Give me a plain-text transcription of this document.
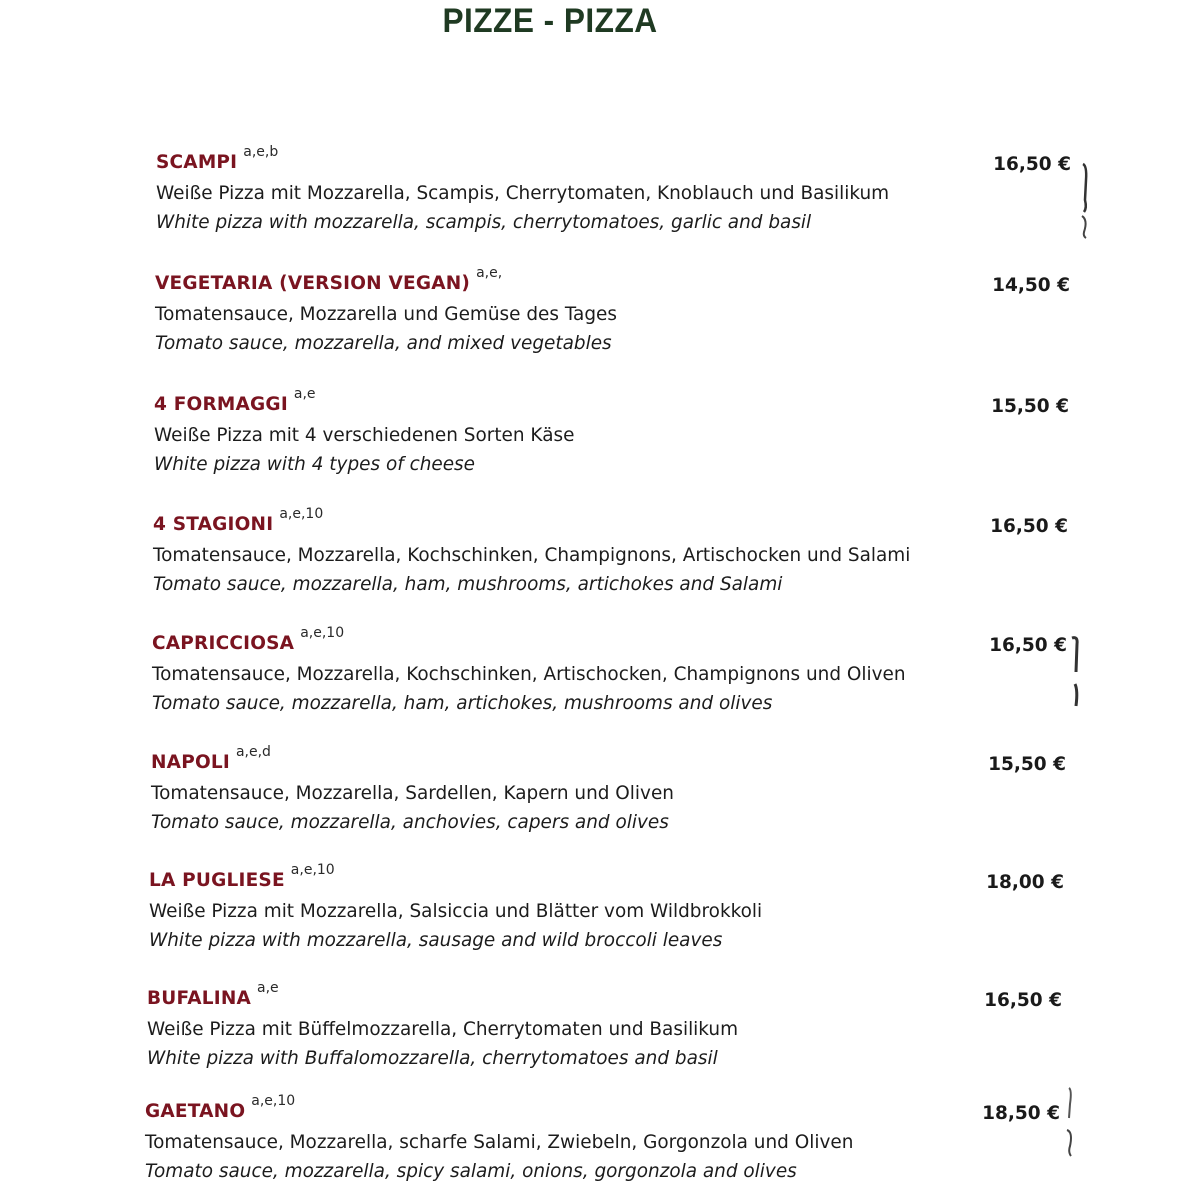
PIZZE - PIZZA
SCAMPI a,e,b
16,50 €
Weiße Pizza mit Mozzarella, Scampis, Cherrytomaten, Knoblauch und Basilikum
White pizza with mozzarella, scampis, cherrytomatoes, garlic and basil
VEGETARIA (VERSION VEGAN) a,e,
14,50 €
Tomatensauce, Mozzarella und Gemüse des Tages
Tomato sauce, mozzarella, and mixed vegetables
4 FORMAGGI a,e
15,50 €
Weiße Pizza mit 4 verschiedenen Sorten Käse
White pizza with 4 types of cheese
4 STAGIONI a,e,10
16,50 €
Tomatensauce, Mozzarella, Kochschinken, Champignons, Artischocken und Salami
Tomato sauce, mozzarella, ham, mushrooms, artichokes and Salami
CAPRICCIOSA a,e,10
16,50 €
Tomatensauce, Mozzarella, Kochschinken, Artischocken, Champignons und Oliven
Tomato sauce, mozzarella, ham, artichokes, mushrooms and olives
NAPOLI a,e,d
15,50 €
Tomatensauce, Mozzarella, Sardellen, Kapern und Oliven
Tomato sauce, mozzarella, anchovies, capers and olives
LA PUGLIESE a,e,10
18,00 €
Weiße Pizza mit Mozzarella, Salsiccia und Blätter vom Wildbrokkoli
White pizza with mozzarella, sausage and wild broccoli leaves
BUFALINA a,e
16,50 €
Weiße Pizza mit Büffelmozzarella, Cherrytomaten und Basilikum
White pizza with Buffalomozzarella, cherrytomatoes and basil
GAETANO a,e,10
18,50 €
Tomatensauce, Mozzarella, scharfe Salami, Zwiebeln, Gorgonzola und Oliven
Tomato sauce, mozzarella, spicy salami, onions, gorgonzola and olives
